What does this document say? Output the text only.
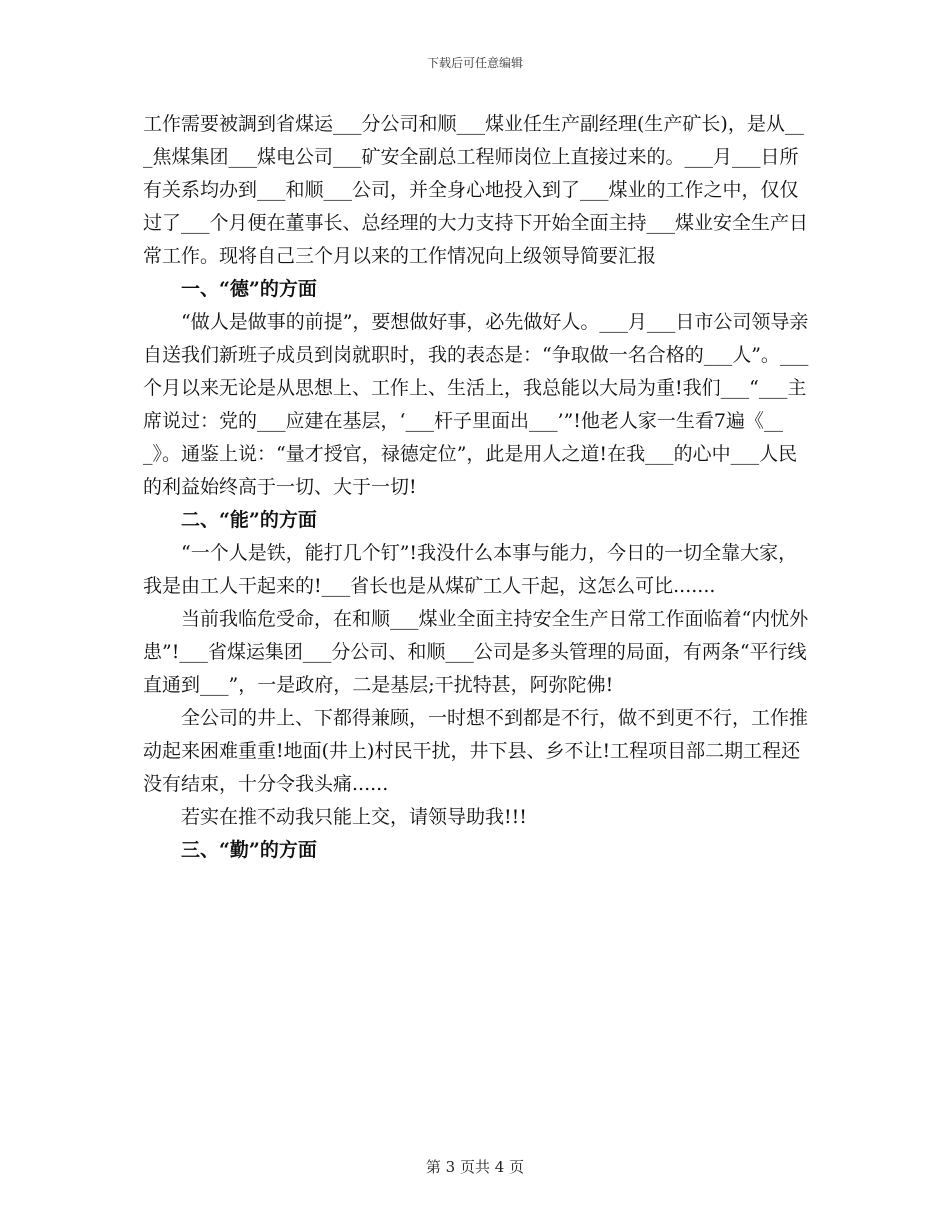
下载后可任意编辑

工作需要被調到省煤运___分公司和顺___煤业任生产副经理(生产矿长)，是从___焦煤集团___煤电公司___矿安全副总工程师岗位上直接过来的。___月___日所有关系均办到___和顺___公司，并全身心地投入到了___煤业的工作之中，仅仅过了___个月便在董事长、总经理的大力支持下开始全面主持___煤业安全生产日常工作。现将自己三个月以来的工作情况向上级领导简要汇报

一、“德”的方面

“做人是做事的前提”，要想做好事，必先做好人。___月___日市公司领导亲自送我们新班子成员到岗就职时，我的表态是：“争取做一名合格的___人”。___个月以来无论是从思想上、工作上、生活上，我总能以大局为重!我们___“___主席说过：党的___应建在基层，‘___杆子里面出___’”!他老人家一生看7遍《___》。通鉴上说：“量才授官，禄德定位”，此是用人之道!在我___的心中___人民的利益始终高于一切、大于一切!

二、“能”的方面

“一个人是铁，能打几个钉”!我没什么本事与能力，今日的一切全靠大家，我是由工人干起来的!___省长也是从煤矿工人干起，这怎么可比.......

当前我临危受命，在和顺___煤业全面主持安全生产日常工作面临着“内忧外患”!___省煤运集团___分公司、和顺___公司是多头管理的局面，有两条“平行线直通到___”，一是政府，二是基层;干扰特甚，阿弥陀佛!

全公司的井上、下都得兼顾，一时想不到都是不行，做不到更不行，工作推动起来困难重重!地面(井上)村民干扰，井下县、乡不让!工程项目部二期工程还没有结束，十分令我头痛......

若实在推不动我只能上交，请领导助我!!!

三、“勤”的方面

第 3 页共 4 页
